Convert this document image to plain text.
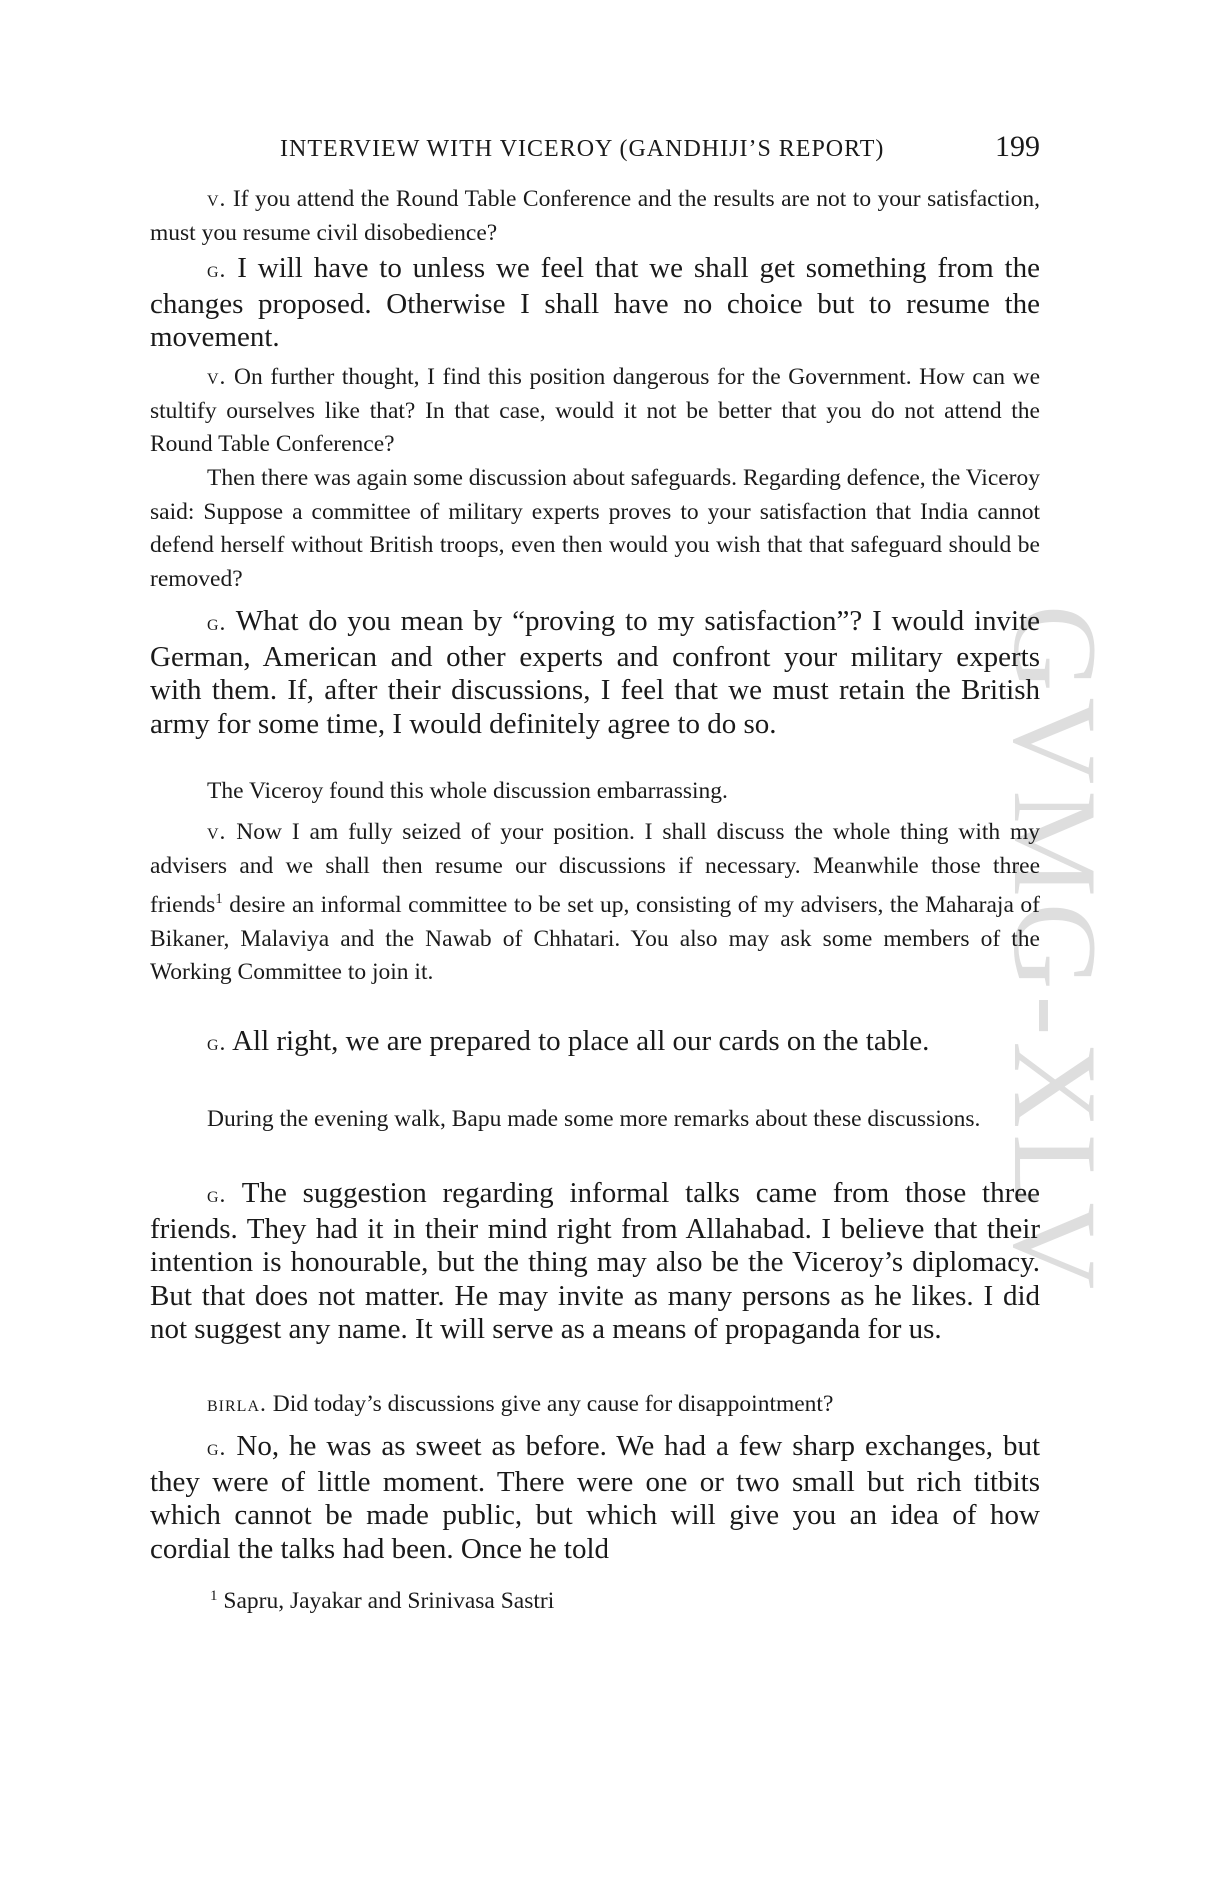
GVMG-XLV
INTERVIEW WITH VICEROY (GANDHIJI’S REPORT)	199

v. If you attend the Round Table Conference and the results are not to your satisfaction, must you resume civil disobedience?

g. I will have to unless we feel that we shall get something from the changes proposed. Otherwise I shall have no choice but to resume the movement.

v. On further thought, I find this position dangerous for the Government. How can we stultify ourselves like that? In that case, would it not be better that you do not attend the Round Table Conference?

Then there was again some discussion about safeguards. Regarding defence, the Viceroy said: Suppose a committee of military experts proves to your satisfaction that India cannot defend herself without British troops, even then would you wish that that safeguard should be removed?

g. What do you mean by “proving to my satisfaction”? I would invite German, American and other experts and confront your military experts with them. If, after their discussions, I feel that we must retain the British army for some time, I would definitely agree to do so.

The Viceroy found this whole discussion embarrassing.

v. Now I am fully seized of your position. I shall discuss the whole thing with my advisers and we shall then resume our discussions if necessary. Meanwhile those three friends$^1$ desire an informal committee to be set up, consisting of my advisers, the Maharaja of Bikaner, Malaviya and the Nawab of Chhatari. You also may ask some members of the Working Committee to join it.

g. All right, we are prepared to place all our cards on the table.

During the evening walk, Bapu made some more remarks about these discussions.

g. The suggestion regarding informal talks came from those three friends. They had it in their mind right from Allahabad. I believe that their intention is honourable, but the thing may also be the Viceroy’s diplomacy. But that does not matter. He may invite as many persons as he likes. I did not suggest any name. It will serve as a means of propaganda for us.

birla. Did today’s discussions give any cause for disappointment?

g. No, he was as sweet as before. We had a few sharp exchanges, but they were of little moment. There were one or two small but rich titbits which cannot be made public, but which will give you an idea of how cordial the talks had been. Once he told

$^1$ Sapru, Jayakar and Srinivasa Sastri
